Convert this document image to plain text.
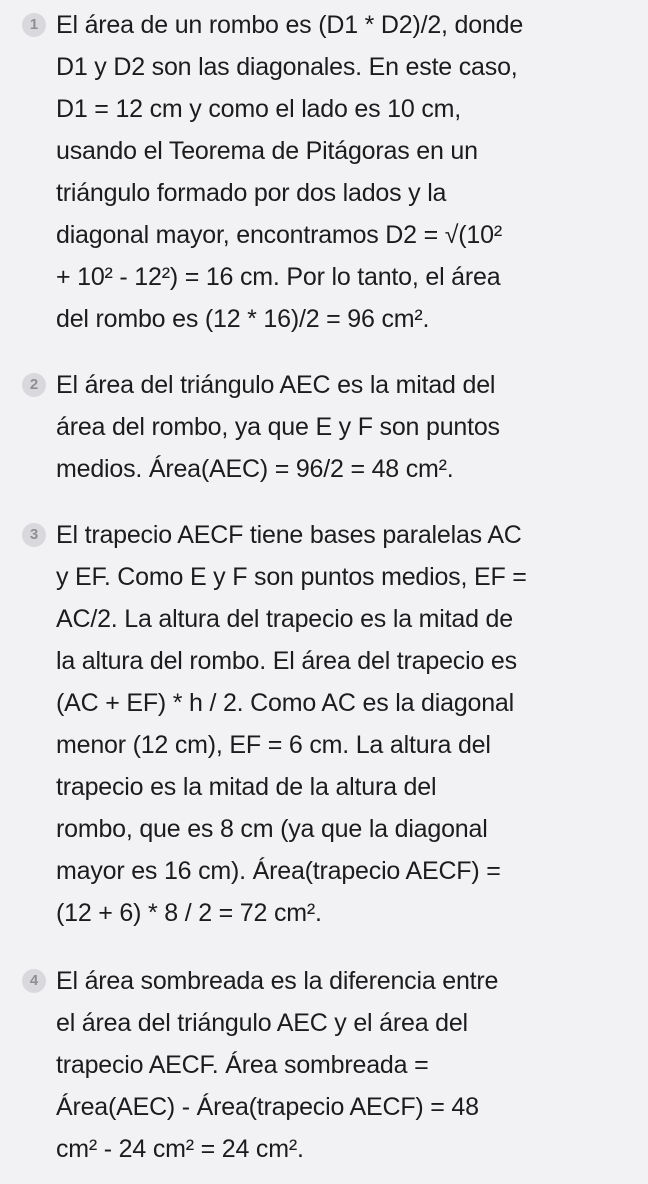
1 El área de un rombo es (D1 * D2)/2, donde
D1 y D2 son las diagonales. En este caso,
D1 = 12 cm y como el lado es 10 cm,
usando el Teorema de Pitágoras en un
triángulo formado por dos lados y la
diagonal mayor, encontramos D2 = √(10²
+ 10² - 12²) = 16 cm. Por lo tanto, el área
del rombo es (12 * 16)/2 = 96 cm².
2 El área del triángulo AEC es la mitad del
área del rombo, ya que E y F son puntos
medios. Área(AEC) = 96/2 = 48 cm².
3 El trapecio AECF tiene bases paralelas AC
y EF. Como E y F son puntos medios, EF =
AC/2. La altura del trapecio es la mitad de
la altura del rombo. El área del trapecio es
(AC + EF) * h / 2. Como AC es la diagonal
menor (12 cm), EF = 6 cm. La altura del
trapecio es la mitad de la altura del
rombo, que es 8 cm (ya que la diagonal
mayor es 16 cm). Área(trapecio AECF) =
(12 + 6) * 8 / 2 = 72 cm².
4 El área sombreada es la diferencia entre
el área del triángulo AEC y el área del
trapecio AECF. Área sombreada =
Área(AEC) - Área(trapecio AECF) = 48
cm² - 24 cm² = 24 cm².
